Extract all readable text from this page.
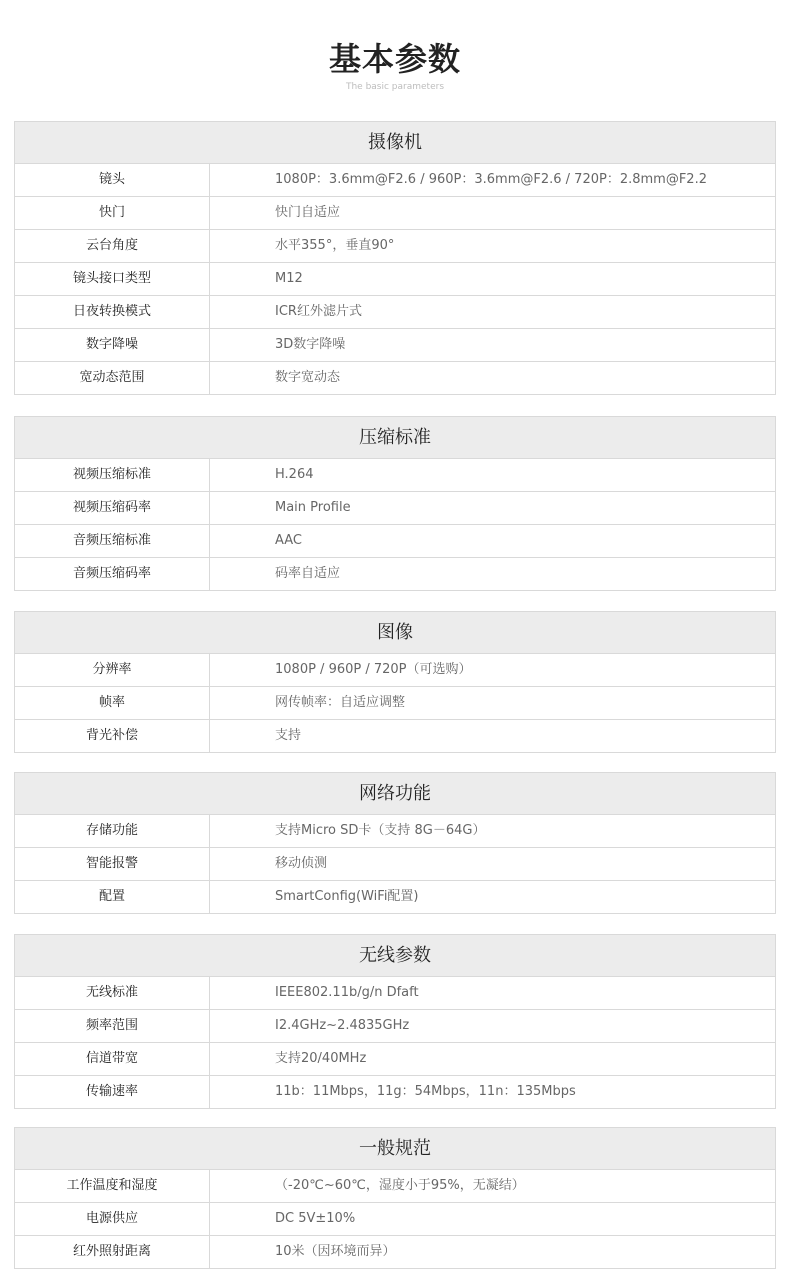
基本参数
The basic parameters
摄像机
镜头	1080P：3.6mm@F2.6 / 960P：3.6mm@F2.6 / 720P：2.8mm@F2.2
快门	快门自适应
云台角度	水平355°，垂直90°
镜头接口类型	M12
日夜转换模式	ICR红外滤片式
数字降噪	3D数字降噪
宽动态范围	数字宽动态
压缩标准
视频压缩标准	H.264
视频压缩码率	Main Profile
音频压缩标准	AAC
音频压缩码率	码率自适应
图像
分辨率	1080P / 960P / 720P（可选购）
帧率	网传帧率：自适应调整
背光补偿	支持
网络功能
存储功能	支持Micro SD卡（支持 8G－64G）
智能报警	移动侦测
配置	SmartConfig(WiFi配置)
无线参数
无线标准	IEEE802.11b/g/n Dfaft
频率范围	I2.4GHz~2.4835GHz
信道带宽	支持20/40MHz
传输速率	11b：11Mbps，11g：54Mbps，11n：135Mbps
一般规范
工作温度和湿度	（-20℃~60℃，湿度小于95%，无凝结）
电源供应	DC 5V±10%
红外照射距离	10米（因环境而异）
